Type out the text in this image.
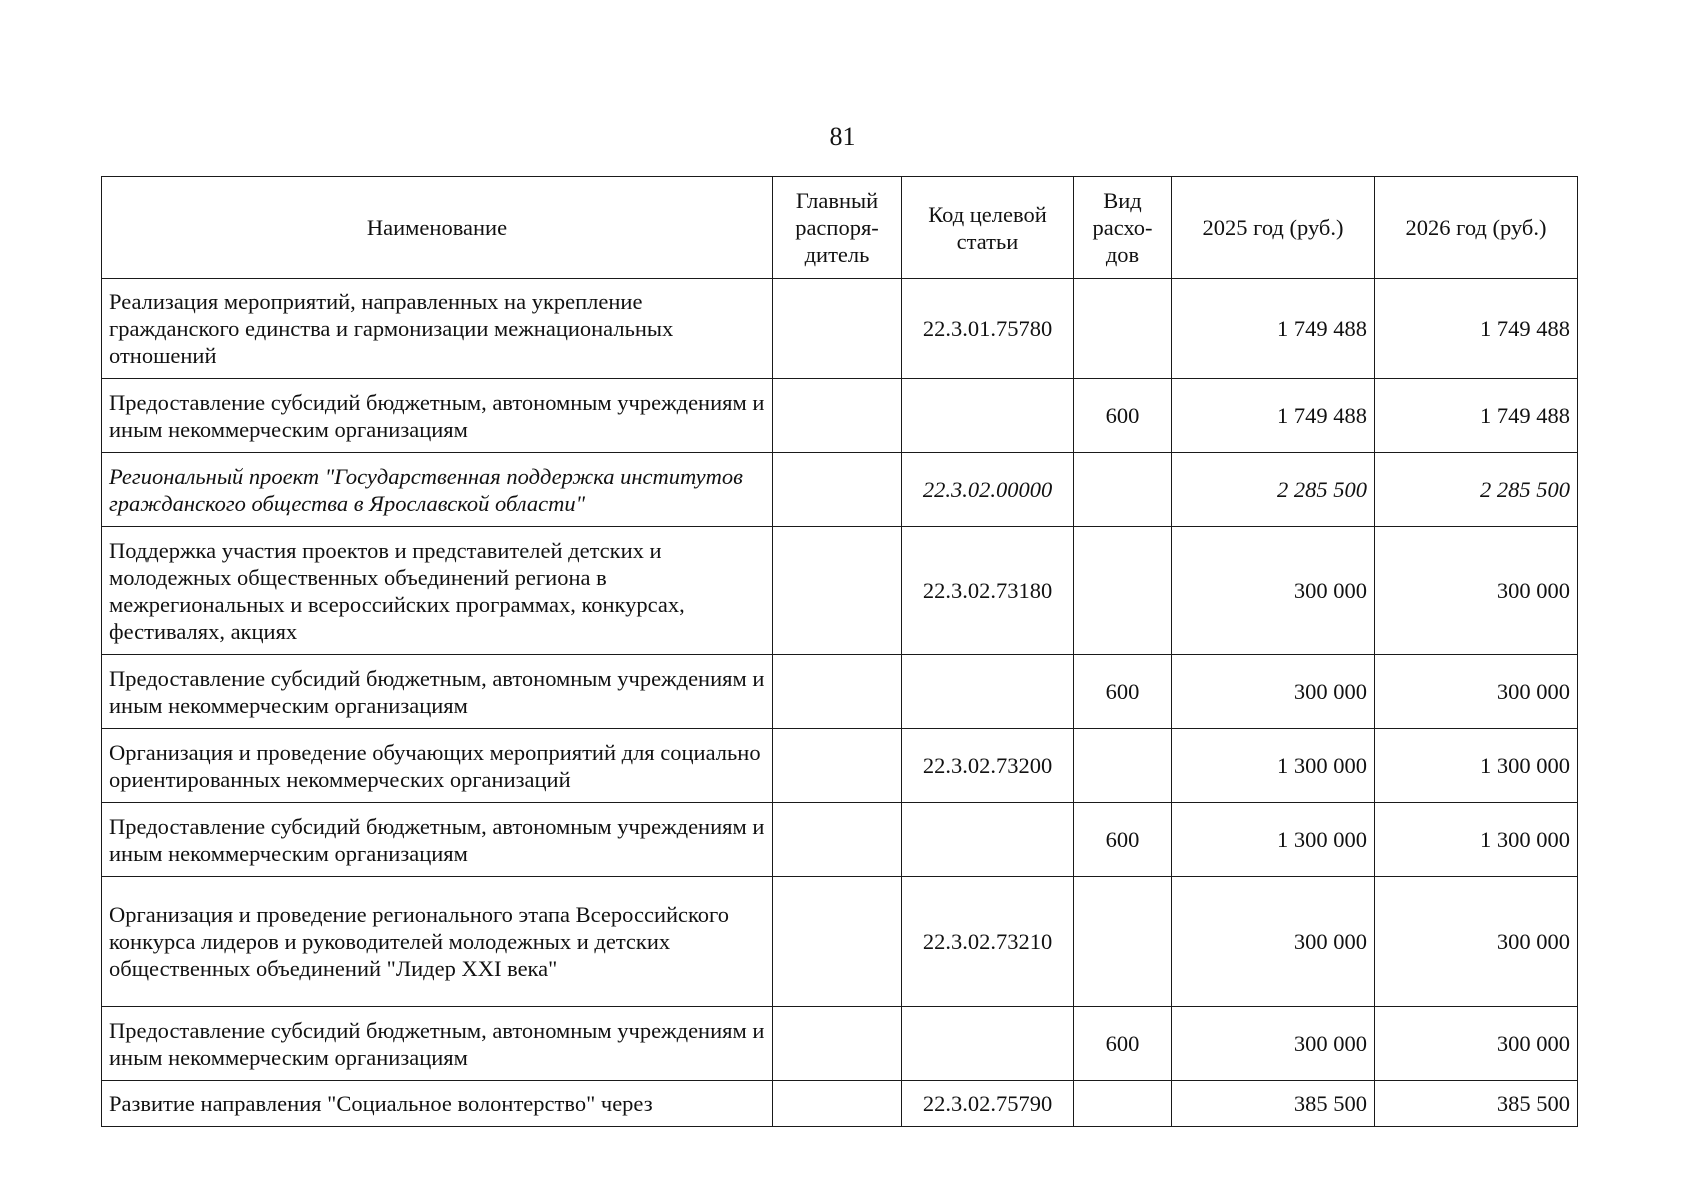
81
Наименование	Главный распоря-дитель	Код целевой статьи	Вид расхо-дов	2025 год (руб.)	2026 год (руб.)
Реализация мероприятий, направленных на укрепление гражданского единства и гармонизации межнациональных отношений		22.3.01.75780		1 749 488	1 749 488
Предоставление субсидий бюджетным, автономным учреждениям и иным некоммерческим организациям			600	1 749 488	1 749 488
Региональный проект "Государственная поддержка институтов гражданского общества в Ярославской области"		22.3.02.00000		2 285 500	2 285 500
Поддержка участия проектов и представителей детских и молодежных общественных объединений региона в межрегиональных и всероссийских программах, конкурсах, фестивалях, акциях		22.3.02.73180		300 000	300 000
Предоставление субсидий бюджетным, автономным учреждениям и иным некоммерческим организациям			600	300 000	300 000
Организация и проведение обучающих мероприятий для социально ориентированных некоммерческих организаций		22.3.02.73200		1 300 000	1 300 000
Предоставление субсидий бюджетным, автономным учреждениям и иным некоммерческим организациям			600	1 300 000	1 300 000
Организация и проведение регионального этапа Всероссийского конкурса лидеров и руководителей молодежных и детских общественных объединений "Лидер XXI века"		22.3.02.73210		300 000	300 000
Предоставление субсидий бюджетным, автономным учреждениям и иным некоммерческим организациям			600	300 000	300 000
Развитие направления "Социальное волонтерство" через		22.3.02.75790		385 500	385 500
